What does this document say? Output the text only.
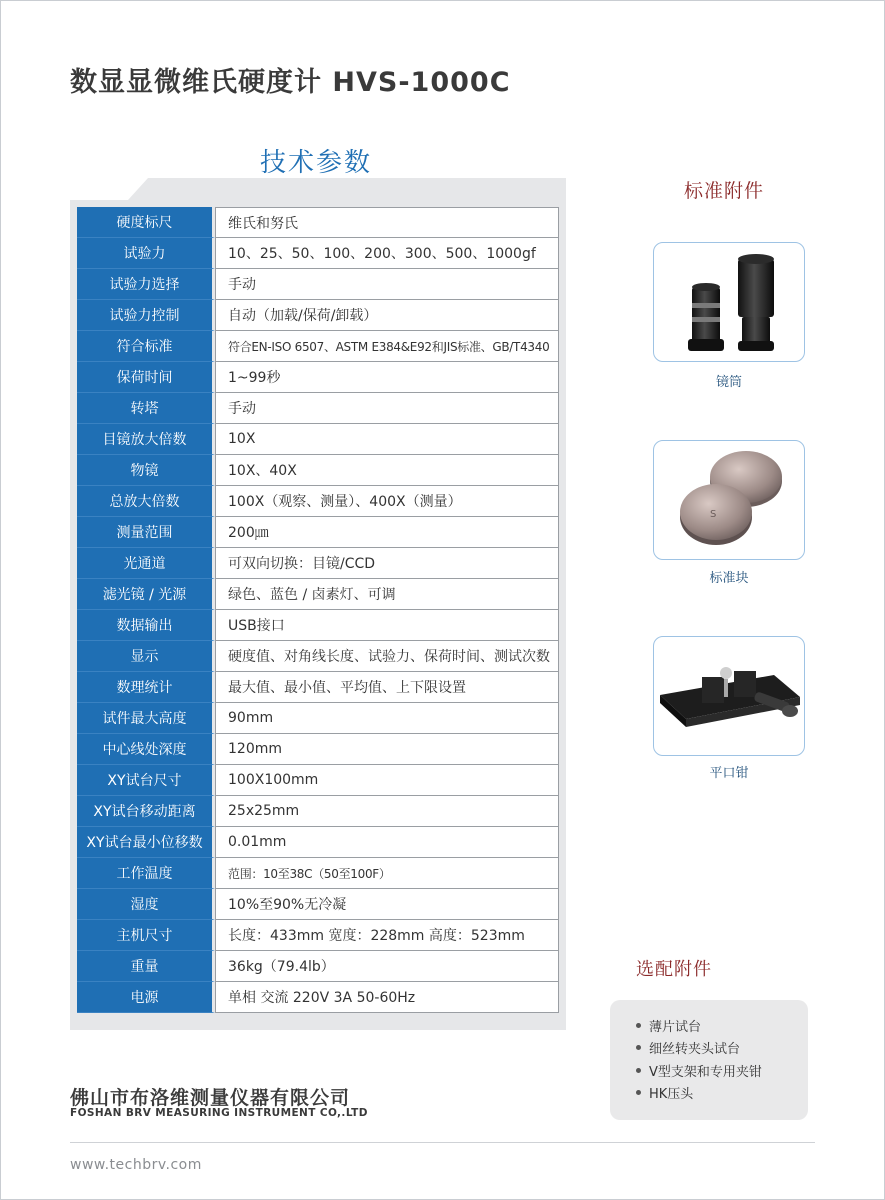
数显显微维氏硬度计 HVS-1000C
技术参数
硬度标尺	维氏和努氏
试验力	10、25、50、100、200、300、500、1000gf
试验力选择	手动
试验力控制	自动（加载/保荷/卸载）
符合标准	符合EN-ISO 6507、ASTM E384&E92和JIS标准、GB/T4340
保荷时间	1~99秒
转塔	手动
目镜放大倍数	10X
物镜	10X、40X
总放大倍数	100X（观察、测量）、400X（测量）
测量范围	200㎛
光通道	可双向切换：目镜/CCD
滤光镜 / 光源	绿色、蓝色 / 卤素灯、可调
数据输出	USB接口
显示	硬度值、对角线长度、试验力、保荷时间、测试次数
数理统计	最大值、最小值、平均值、上下限设置
试件最大高度	90mm
中心线处深度	120mm
XY试台尺寸	100X100mm
XY试台移动距离	25x25mm
XY试台最小位移数	0.01mm
工作温度	范围：10至38C（50至100F）
湿度	10%至90%无冷凝
主机尺寸	长度：433mm 宽度：228mm 高度：523mm
重量	36kg（79.4lb）
电源	单相 交流 220V 3A 50-60Hz
标准附件
镜筒
S
标准块
平口钳
选配附件
薄片试台
细丝转夹头试台
V型支架和专用夹钳
HK压头
佛山市布洛维测量仪器有限公司
FOSHAN BRV MEASURING INSTRUMENT CO,.LTD
www.techbrv.com
